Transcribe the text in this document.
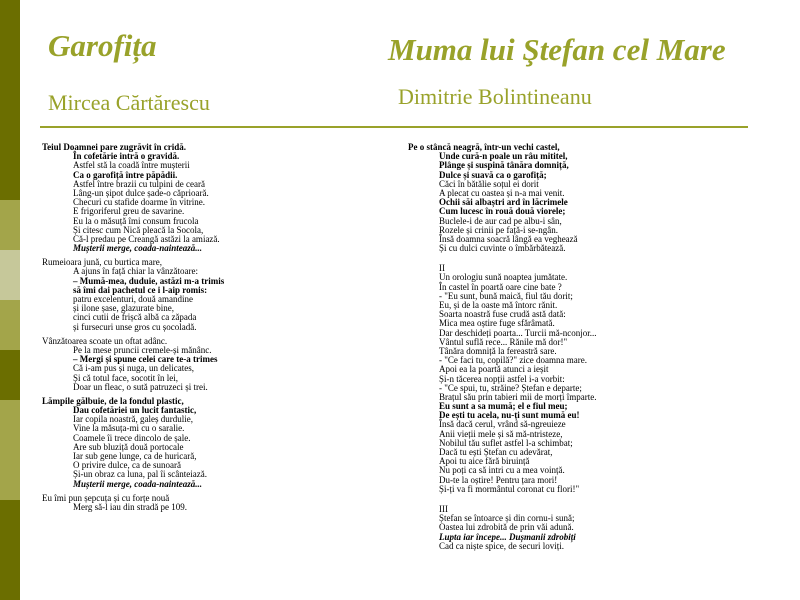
Garofița
Mircea Cărtărescu
Muma lui Ştefan cel Mare
Dimitrie Bolintineanu
Teiul Doamnei pare zugrăvit în cridă.
În cofetărie intră o gravidă.
Astfel stă la coadă între mușterii
Ca o garofiță între păpădii.
Astfel între brazii cu tulpini de ceară
Lâng-un șipot dulce șade-o căprioară.
Checuri cu stafide doarme în vitrine.
E frigoriferul greu de savarine.
Eu la o măsuță îmi consum frucola
Și citesc cum Nică pleacă la Socola,
Că-l predau pe Creangă astăzi la amiază.
Mușterii merge, coada-naintează...
Rumeioara jună, cu burtica mare,
A ajuns în față chiar la vânzătoare:
– Mumă-mea, duduie, astăzi m-a trimis
să îmi dai pachetul ce i l-aip romis:
patru excelenturi, două amandine
și ilone șase, glazurate bine,
cinci cutii de frișcă albă ca zăpada
și fursecuri unse gros cu șocoladă.
Vânzătoarea scoate un oftat adânc.
Pe la mese pruncii cremele-și mănânc.
– Mergi și spune celei care te-a trimes
Că i-am pus și nuga, un delicates,
Și că totul face, socotit în lei,
Doar un fleac, o sută patruzeci și trei.
Lămpile gălbuie, de la fondul plastic,
Dau cofetăriei un lucit fantastic,
Iar copila noastră, galeș durdulie,
Vine la măsuța-mi cu o saralie.
Coamele îi trece dincolo de șale.
Are sub bluziță două portocale
Iar sub gene lunge, ca de huricară,
O privire dulce, ca de sunoară
Și-un obraz ca luna, pal îi scânteiază.
Mușterii merge, coada-naintează...
Eu îmi pun șepcuța și cu forțe nouă
Merg să-l iau din stradă pe 109.
Pe o stâncă neagră, într-un vechi castel,
Unde cură-n poale un râu mititel,
Plânge și suspină tânăra domniță,
Dulce și suavă ca o garofiță;
Căci în bătălie soțul ei dorit
A plecat cu oastea și n-a mai venit.
Ochii săi albaștri ard în lăcrimele
Cum lucesc în rouă două viorele;
Buclele-i de aur cad pe albu-i sân,
Rozele și crinii pe față-i se-ngân.
Însă doamna soacră lângă ea veghează
Și cu dulci cuvinte o îmbărbătează.
II
Un orologiu sună noaptea jumătate.
În castel în poartă oare cine bate ?
- "Eu sunt, bună maică, fiul tău dorit;
Eu, și de la oaste mă întorc rănit.
Soarta noastră fuse crudă astă dată:
Mica mea oștire fuge sfărâmată.
Dar deschideți poarta... Turcii mă-nconjor...
Vântul suflă rece... Rănile mă dor!"
Tânăra domniță la fereastră sare.
- "Ce faci tu, copilă?" zice doamna mare.
Apoi ea la poartă atunci a ieșit
Și-n tăcerea nopții astfel i-a vorbit:
- "Ce spui, tu, străine? Ștefan e departe;
Brațul său prin tabieri mii de morți împarte.
Eu sunt a sa mumă; el e fiul meu;
De ești tu acela, nu-ți sunt mumă eu!
Însă dacă cerul, vrând să-ngreuieze
Anii vieții mele și să mă-ntristeze,
Nobilul tău suflet astfel l-a schimbat;
Dacă tu ești Ștefan cu adevărat,
Apoi tu aice fără biruință
Nu poți ca să intri cu a mea voință.
Du-te la oștire! Pentru țara mori!
Și-ți va fi mormântul coronat cu flori!"
III
Ștefan se întoarce și din cornu-i sună;
Oastea lui zdrobită de prin văi adună.
Lupta iar începe... Dușmanii zdrobiți
Cad ca niște spice, de securi loviți.
